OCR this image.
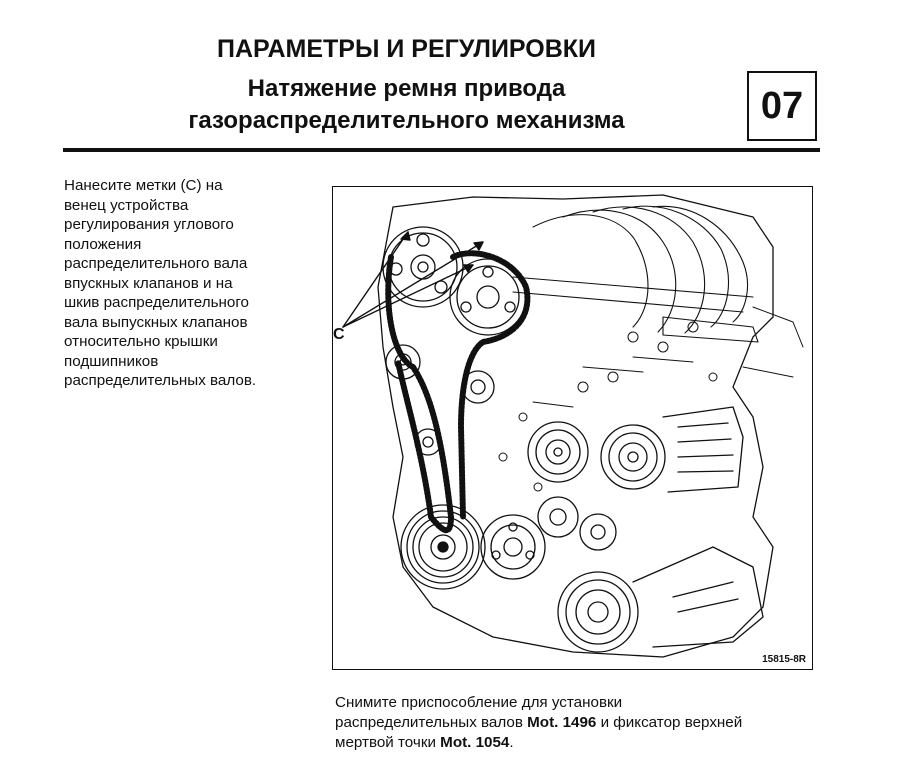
ПАРАМЕТРЫ И РЕГУЛИРОВКИ
Натяжение ремня привода
газораспределительного механизма	07
Нанесите метки (С) на
венец устройства
регулирования углового
положения
распределительного вала
впускных клапанов и на
шкив распределительного
вала выпускных клапанов
относительно крышки
подшипников
распределительных валов.
C
15815-8R
Снимите приспособление для установки
распределительных валов Mot. 1496 и фиксатор верхней
мертвой точки Mot. 1054.
